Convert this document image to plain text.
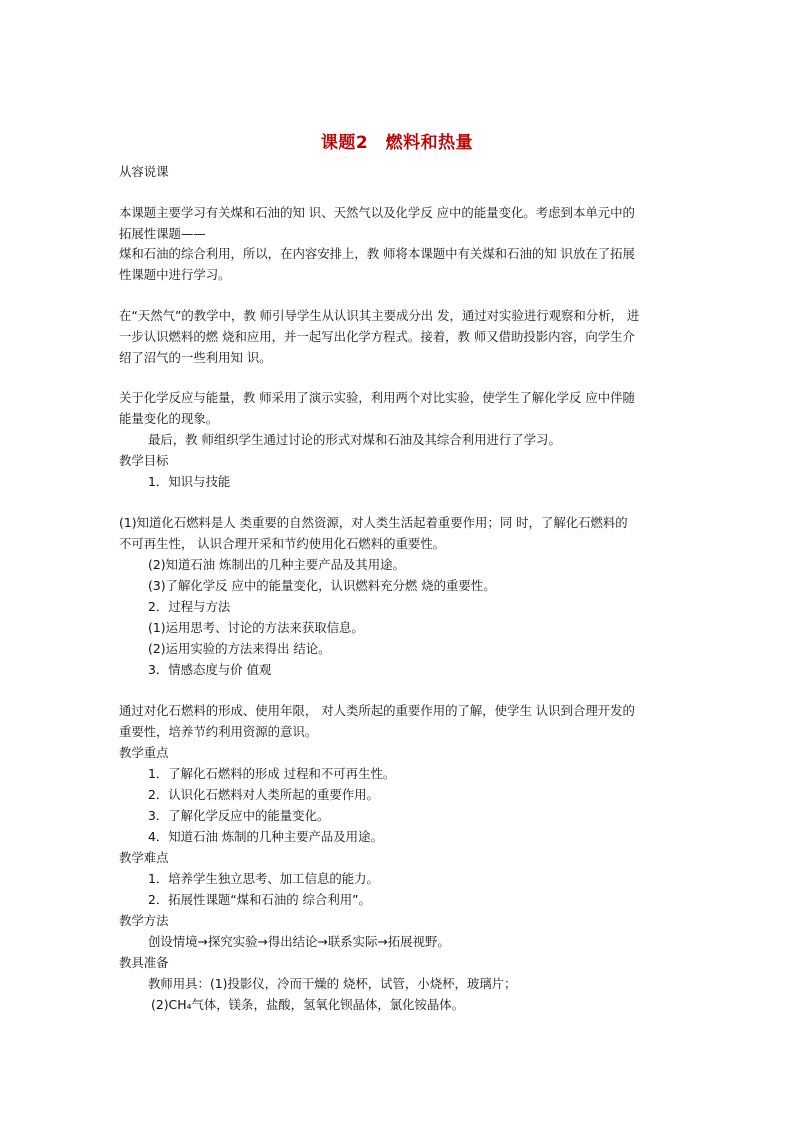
课题2　燃料和热量
从容说课
本课题主要学习有关煤和石油的知 识、天然气以及化学反 应中的能量变化。考虑到本单元中的
拓展性课题——
煤和石油的综合利用，所以，在内容安排上，教 师将本课题中有关煤和石油的知 识放在了拓展
性课题中进行学习。
在“天然气”的教学中，教 师引导学生从认识其主要成分出 发，通过对实验进行观察和分析， 进
一步认识燃料的燃 烧和应用，并一起写出化学方程式。接着，教 师又借助投影内容，向学生介
绍了沼气的一些利用知 识。
关于化学反应与能量，教 师采用了演示实验，利用两个对比实验，使学生了解化学反 应中伴随
能量变化的现象。
最后，教 师组织学生通过讨论的形式对煤和石油及其综合利用进行了学习。
教学目标
1．知识与技能
(1)知道化石燃料是人 类重要的自然资源，对人类生活起着重要作用；同 时，了解化石燃料的
不可再生性， 认识合理开采和节约使用化石燃料的重要性。
(2)知道石油 炼制出的几种主要产品及其用途。
(3)了解化学反 应中的能量变化，认识燃料充分燃 烧的重要性。
2．过程与方法
(1)运用思考、讨论的方法来获取信息。
(2)运用实验的方法来得出 结论。
3．情感态度与价 值观
通过对化石燃料的形成、使用年限， 对人类所起的重要作用的了解，使学生 认识到合理开发的
重要性，培养节约利用资源的意识。
教学重点
1．了解化石燃料的形成 过程和不可再生性。
2．认识化石燃料对人类所起的重要作用。
3．了解化学反应中的能量变化。
4．知道石油 炼制的几种主要产品及用途。
教学难点
1．培养学生独立思考、加工信息的能力。
2．拓展性课题“煤和石油的 综合利用”。
教学方法
创设情境→探究实验→得出结论→联系实际→拓展视野。
教具准备
教师用具：(1)投影仪，冷而干燥的 烧杯，试管，小烧杯，玻璃片；
(2)CH₄气体，镁条，盐酸，氢氧化钡晶体，氯化铵晶体。
